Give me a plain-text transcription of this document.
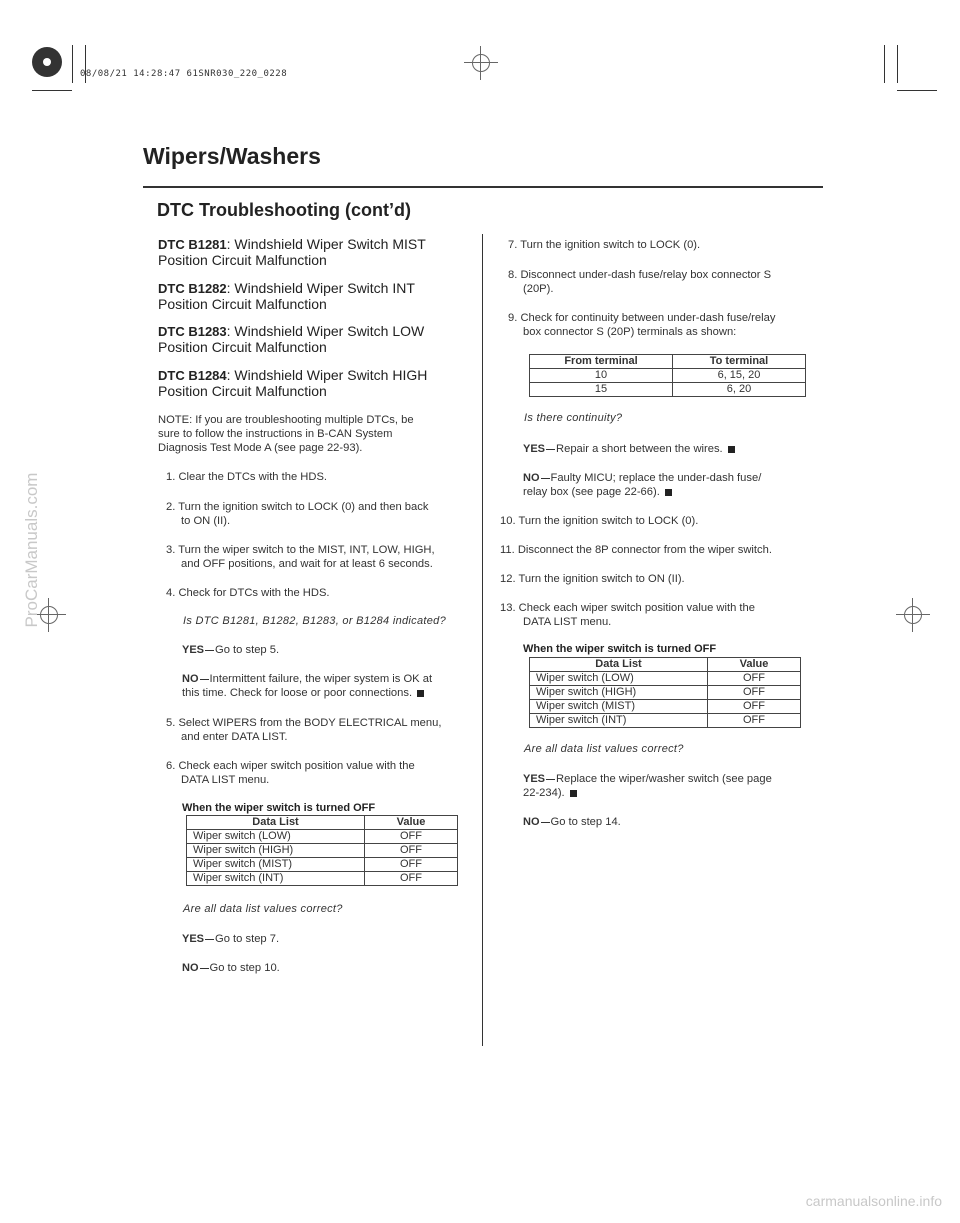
08/08/21 14:28:47 61SNR030_220_0228
ProCarManuals.com
carmanualsonline.info
Wipers/Washers
DTC Troubleshooting (cont’d)
DTC B1281: Windshield Wiper Switch MIST
Position Circuit Malfunction
DTC B1282: Windshield Wiper Switch INT
Position Circuit Malfunction
DTC B1283: Windshield Wiper Switch LOW
Position Circuit Malfunction
DTC B1284: Windshield Wiper Switch HIGH
Position Circuit Malfunction
NOTE: If you are troubleshooting multiple DTCs, be
sure to follow the instructions in B-CAN System
Diagnosis Test Mode A (see page 22-93).
1. Clear the DTCs with the HDS.
2. Turn the ignition switch to LOCK (0) and then back
to ON (II).
3. Turn the wiper switch to the MIST, INT, LOW, HIGH,
and OFF positions, and wait for at least 6 seconds.
4. Check for DTCs with the HDS.
Is DTC B1281, B1282, B1283, or B1284 indicated?
YES Go to step 5.
NO Intermittent failure, the wiper system is OK at
this time. Check for loose or poor connections.
5. Select WIPERS from the BODY ELECTRICAL menu,
and enter DATA LIST.
6. Check each wiper switch position value with the
DATA LIST menu.
When the wiper switch is turned OFF
Data List	Value
Wiper switch (LOW)	OFF
Wiper switch (HIGH)	OFF
Wiper switch (MIST)	OFF
Wiper switch (INT)	OFF
Are all data list values correct?
YES Go to step 7.
NO Go to step 10.
7. Turn the ignition switch to LOCK (0).
8. Disconnect under-dash fuse/relay box connector S
(20P).
9. Check for continuity between under-dash fuse/relay
box connector S (20P) terminals as shown:
From terminal	To terminal
10	6, 15, 20
15	6, 20
Is there continuity?
YES Repair a short between the wires.
NO Faulty MICU; replace the under-dash fuse/
relay box (see page 22-66).
10. Turn the ignition switch to LOCK (0).
11. Disconnect the 8P connector from the wiper switch.
12. Turn the ignition switch to ON (II).
13. Check each wiper switch position value with the
DATA LIST menu.
When the wiper switch is turned OFF
Data List	Value
Wiper switch (LOW)	OFF
Wiper switch (HIGH)	OFF
Wiper switch (MIST)	OFF
Wiper switch (INT)	OFF
Are all data list values correct?
YES Replace the wiper/washer switch (see page
22-234).
NO Go to step 14.
